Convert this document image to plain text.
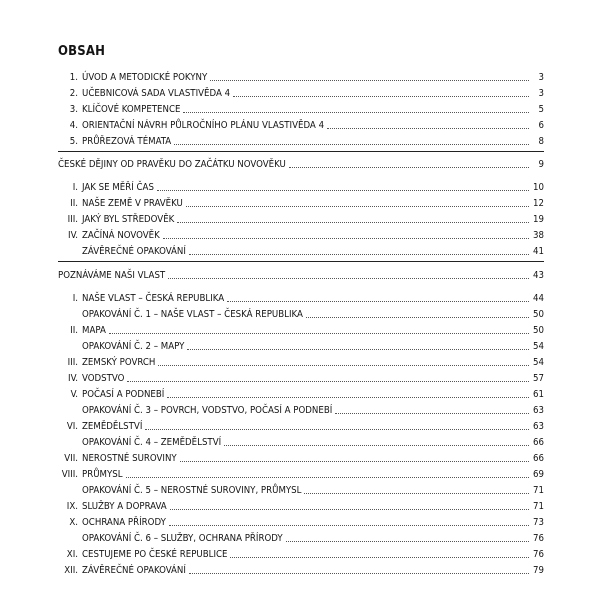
OBSAH
1. ÚVOD A METODICKÉ POKYNY	3
2. UČEBNICOVÁ SADA VLASTIVĚDA 4	3
3. KLÍČOVÉ KOMPETENCE	5
4. ORIENTAČNÍ NÁVRH PŮLROČNÍHO PLÁNU VLASTIVĚDA 4	6
5. PRŮŘEZOVÁ TÉMATA	8
ČESKÉ DĚJINY OD PRAVĚKU DO ZAČÁTKU NOVOVĚKU	9
I. JAK SE MĚŘÍ ČAS	10
II. NAŠE ZEMĚ V PRAVĚKU	12
III. JAKÝ BYL STŘEDOVĚK	19
IV. ZAČÍNÁ NOVOVĚK	38
ZÁVĚREČNÉ OPAKOVÁNÍ	41
POZNÁVÁME NAŠI VLAST	43
I. NAŠE VLAST – ČESKÁ REPUBLIKA	44
OPAKOVÁNÍ Č. 1 – NAŠE VLAST – ČESKÁ REPUBLIKA	50
II. MAPA	50
OPAKOVÁNÍ Č. 2 – MAPY	54
III. ZEMSKÝ POVRCH	54
IV. VODSTVO	57
V. POČASÍ A PODNEBÍ	61
OPAKOVÁNÍ Č. 3 – POVRCH, VODSTVO, POČASÍ A PODNEBÍ	63
VI. ZEMĚDĚLSTVÍ	63
OPAKOVÁNÍ Č. 4 – ZEMĚDĚLSTVÍ	66
VII. NEROSTNÉ SUROVINY	66
VIII. PRŮMYSL	69
OPAKOVÁNÍ Č. 5 – NEROSTNÉ SUROVINY, PRŮMYSL	71
IX. SLUŽBY A DOPRAVA	71
X. OCHRANA PŘÍRODY	73
OPAKOVÁNÍ Č. 6 – SLUŽBY, OCHRANA PŘÍRODY	76
XI. CESTUJEME PO ČESKÉ REPUBLICE	76
XII. ZÁVĚREČNÉ OPAKOVÁNÍ	79
